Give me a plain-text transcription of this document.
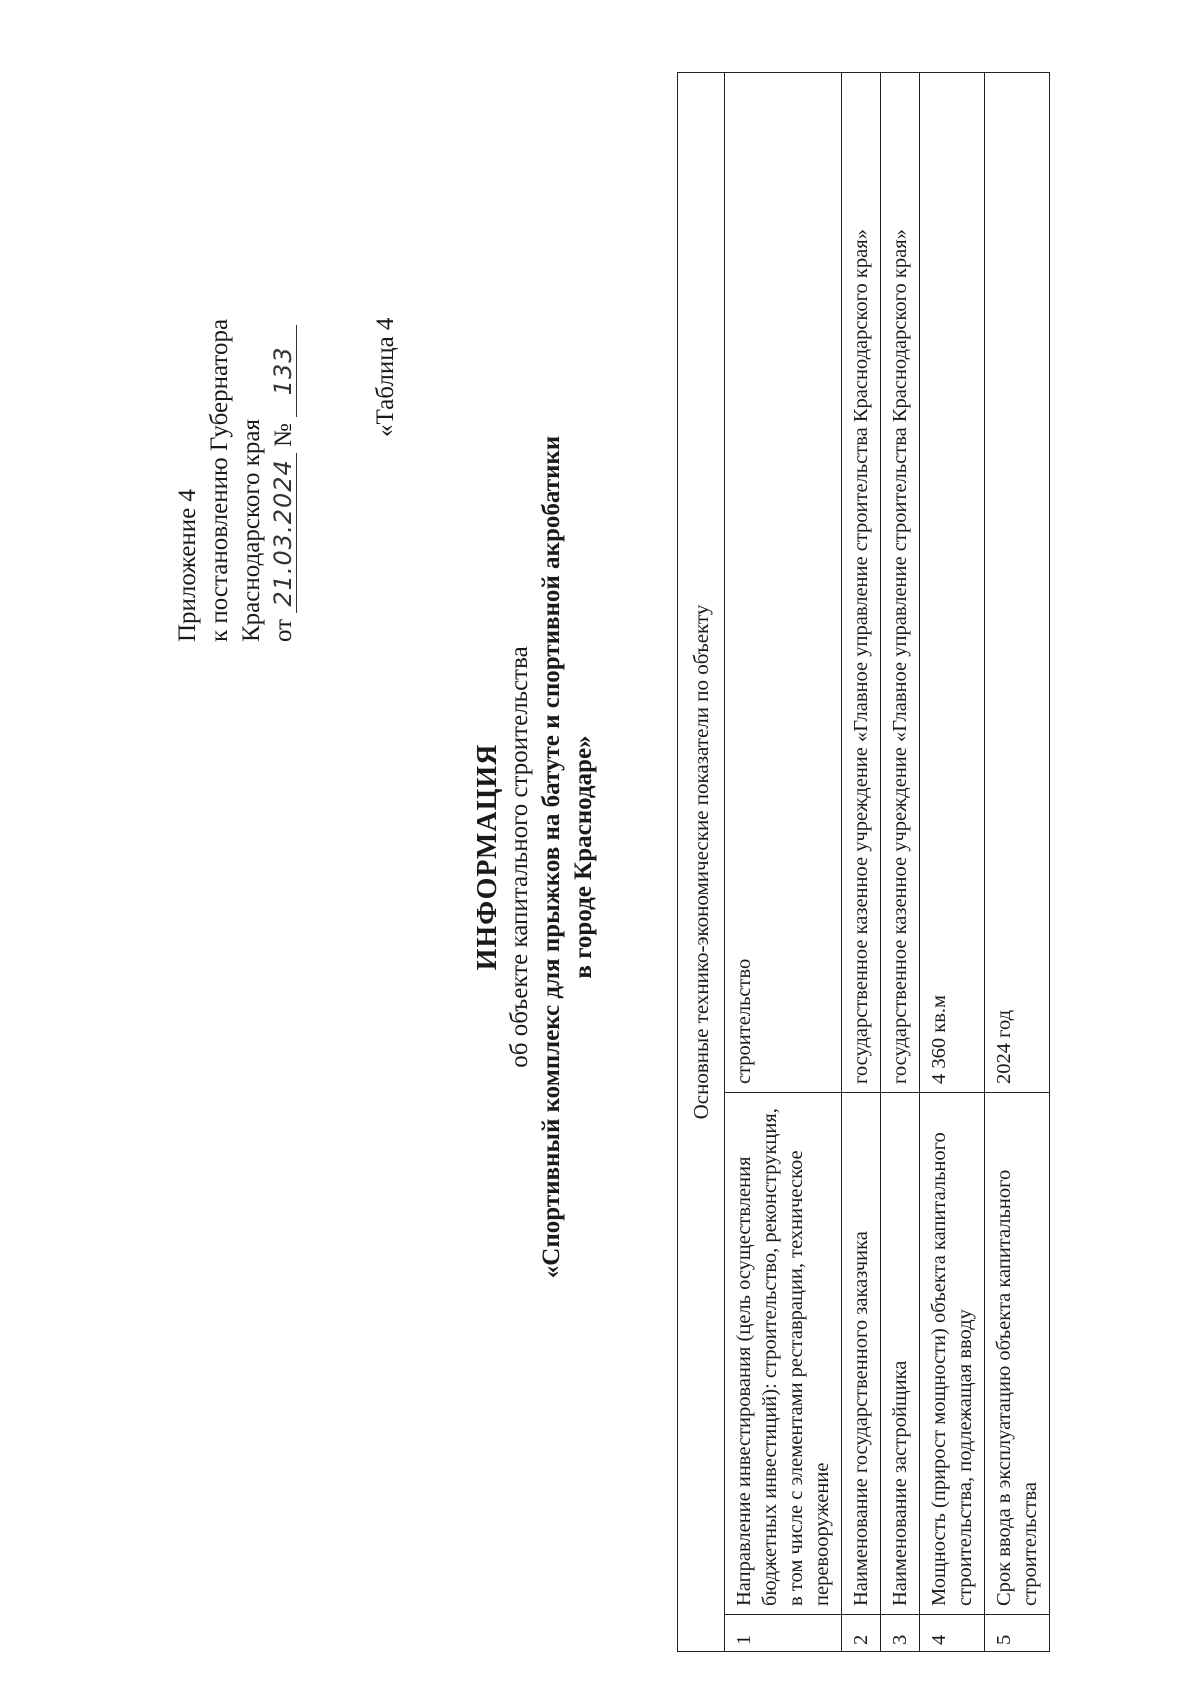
Приложение 4 к постановлению Губернатора Краснодарского края от 21.03.2024 № 133	«Таблица 4
ИНФОРМАЦИЯ об объекте капитального строительства «Спортивный комплекс для прыжков на батуте и спортивной акробатики в городе Краснодаре»	Основные технико-экономические показатели по объекту		
1	Направление инвестирования (цель осуществления бюджетных инвестиций): строительство, реконструкция, в том числе с элементами реставрации, техническое перевооружение	строительство
2	Наименование государственного заказчика	государственное казенное учреждение «Главное управление строительства Краснодарского края»
3	Наименование застройщика	государственное казенное учреждение «Главное управление строительства Краснодарского края»
4	Мощность (прирост мощности) объекта капитального строительства, подлежащая вводу	4 360 кв.м
5	Срок ввода в эксплуатацию объекта капитального строительства	2024 год
